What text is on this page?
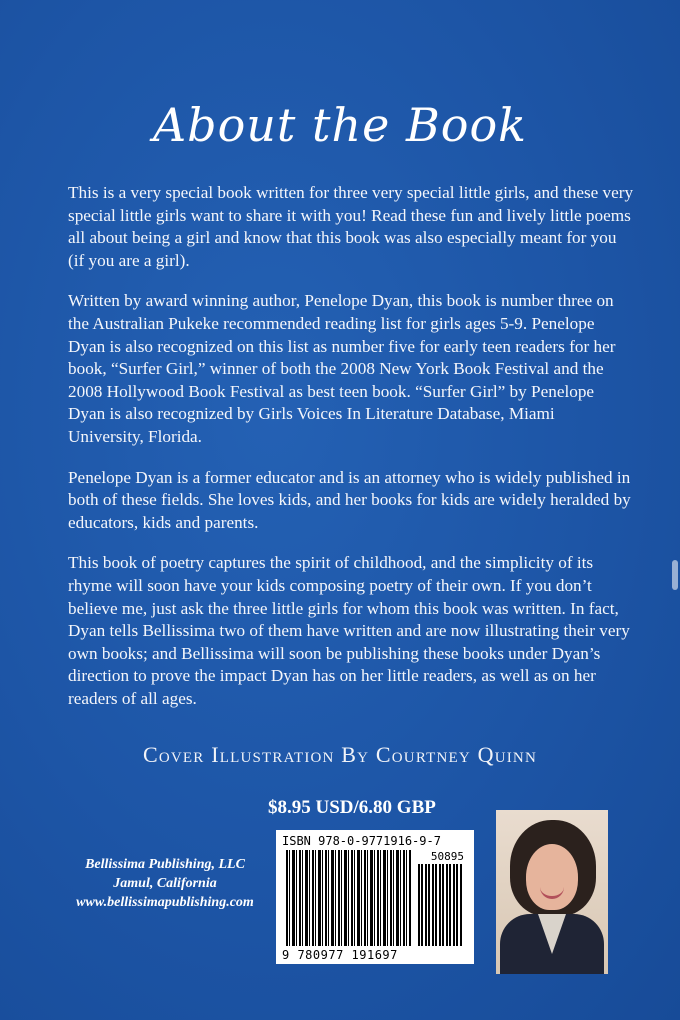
About the Book

This is a very special book written for three very special little girls, and these very special little girls want to share it with you! Read these fun and lively little poems all about being a girl and know that this book was also especially meant for you (if you are a girl).

Written by award winning author, Penelope Dyan, this book is number three on the Australian Pukeke recommended reading list for girls ages 5-9. Penelope Dyan is also recognized on this list as number five for early teen readers for her book, “Surfer Girl,” winner of both the 2008 New York Book Festival and the 2008 Hollywood Book Festival as best teen book. “Surfer Girl” by Penelope Dyan is also recognized by Girls Voices In Literature Database, Miami University, Florida.

Penelope Dyan is a former educator and is an attorney who is widely published in both of these fields. She loves kids, and her books for kids are widely heralded by educators, kids and parents.

This book of poetry captures the spirit of childhood, and the simplicity of its rhyme will soon have your kids composing poetry of their own. If you don’t believe me, just ask the three little girls for whom this book was written. In fact, Dyan tells Bellissima two of them have written and are now illustrating their very own books; and Bellissima will soon be publishing these books under Dyan’s direction to prove the impact Dyan has on her little readers, as well as on her readers of all ages.

Cover Illustration By Courtney Quinn
$8.95 USD/6.80 GBP
Bellissima Publishing, LLC
Jamul, California
www.bellissimapublishing.com
ISBN 978-0-9771916-9-7
50895
9 780977 191697
